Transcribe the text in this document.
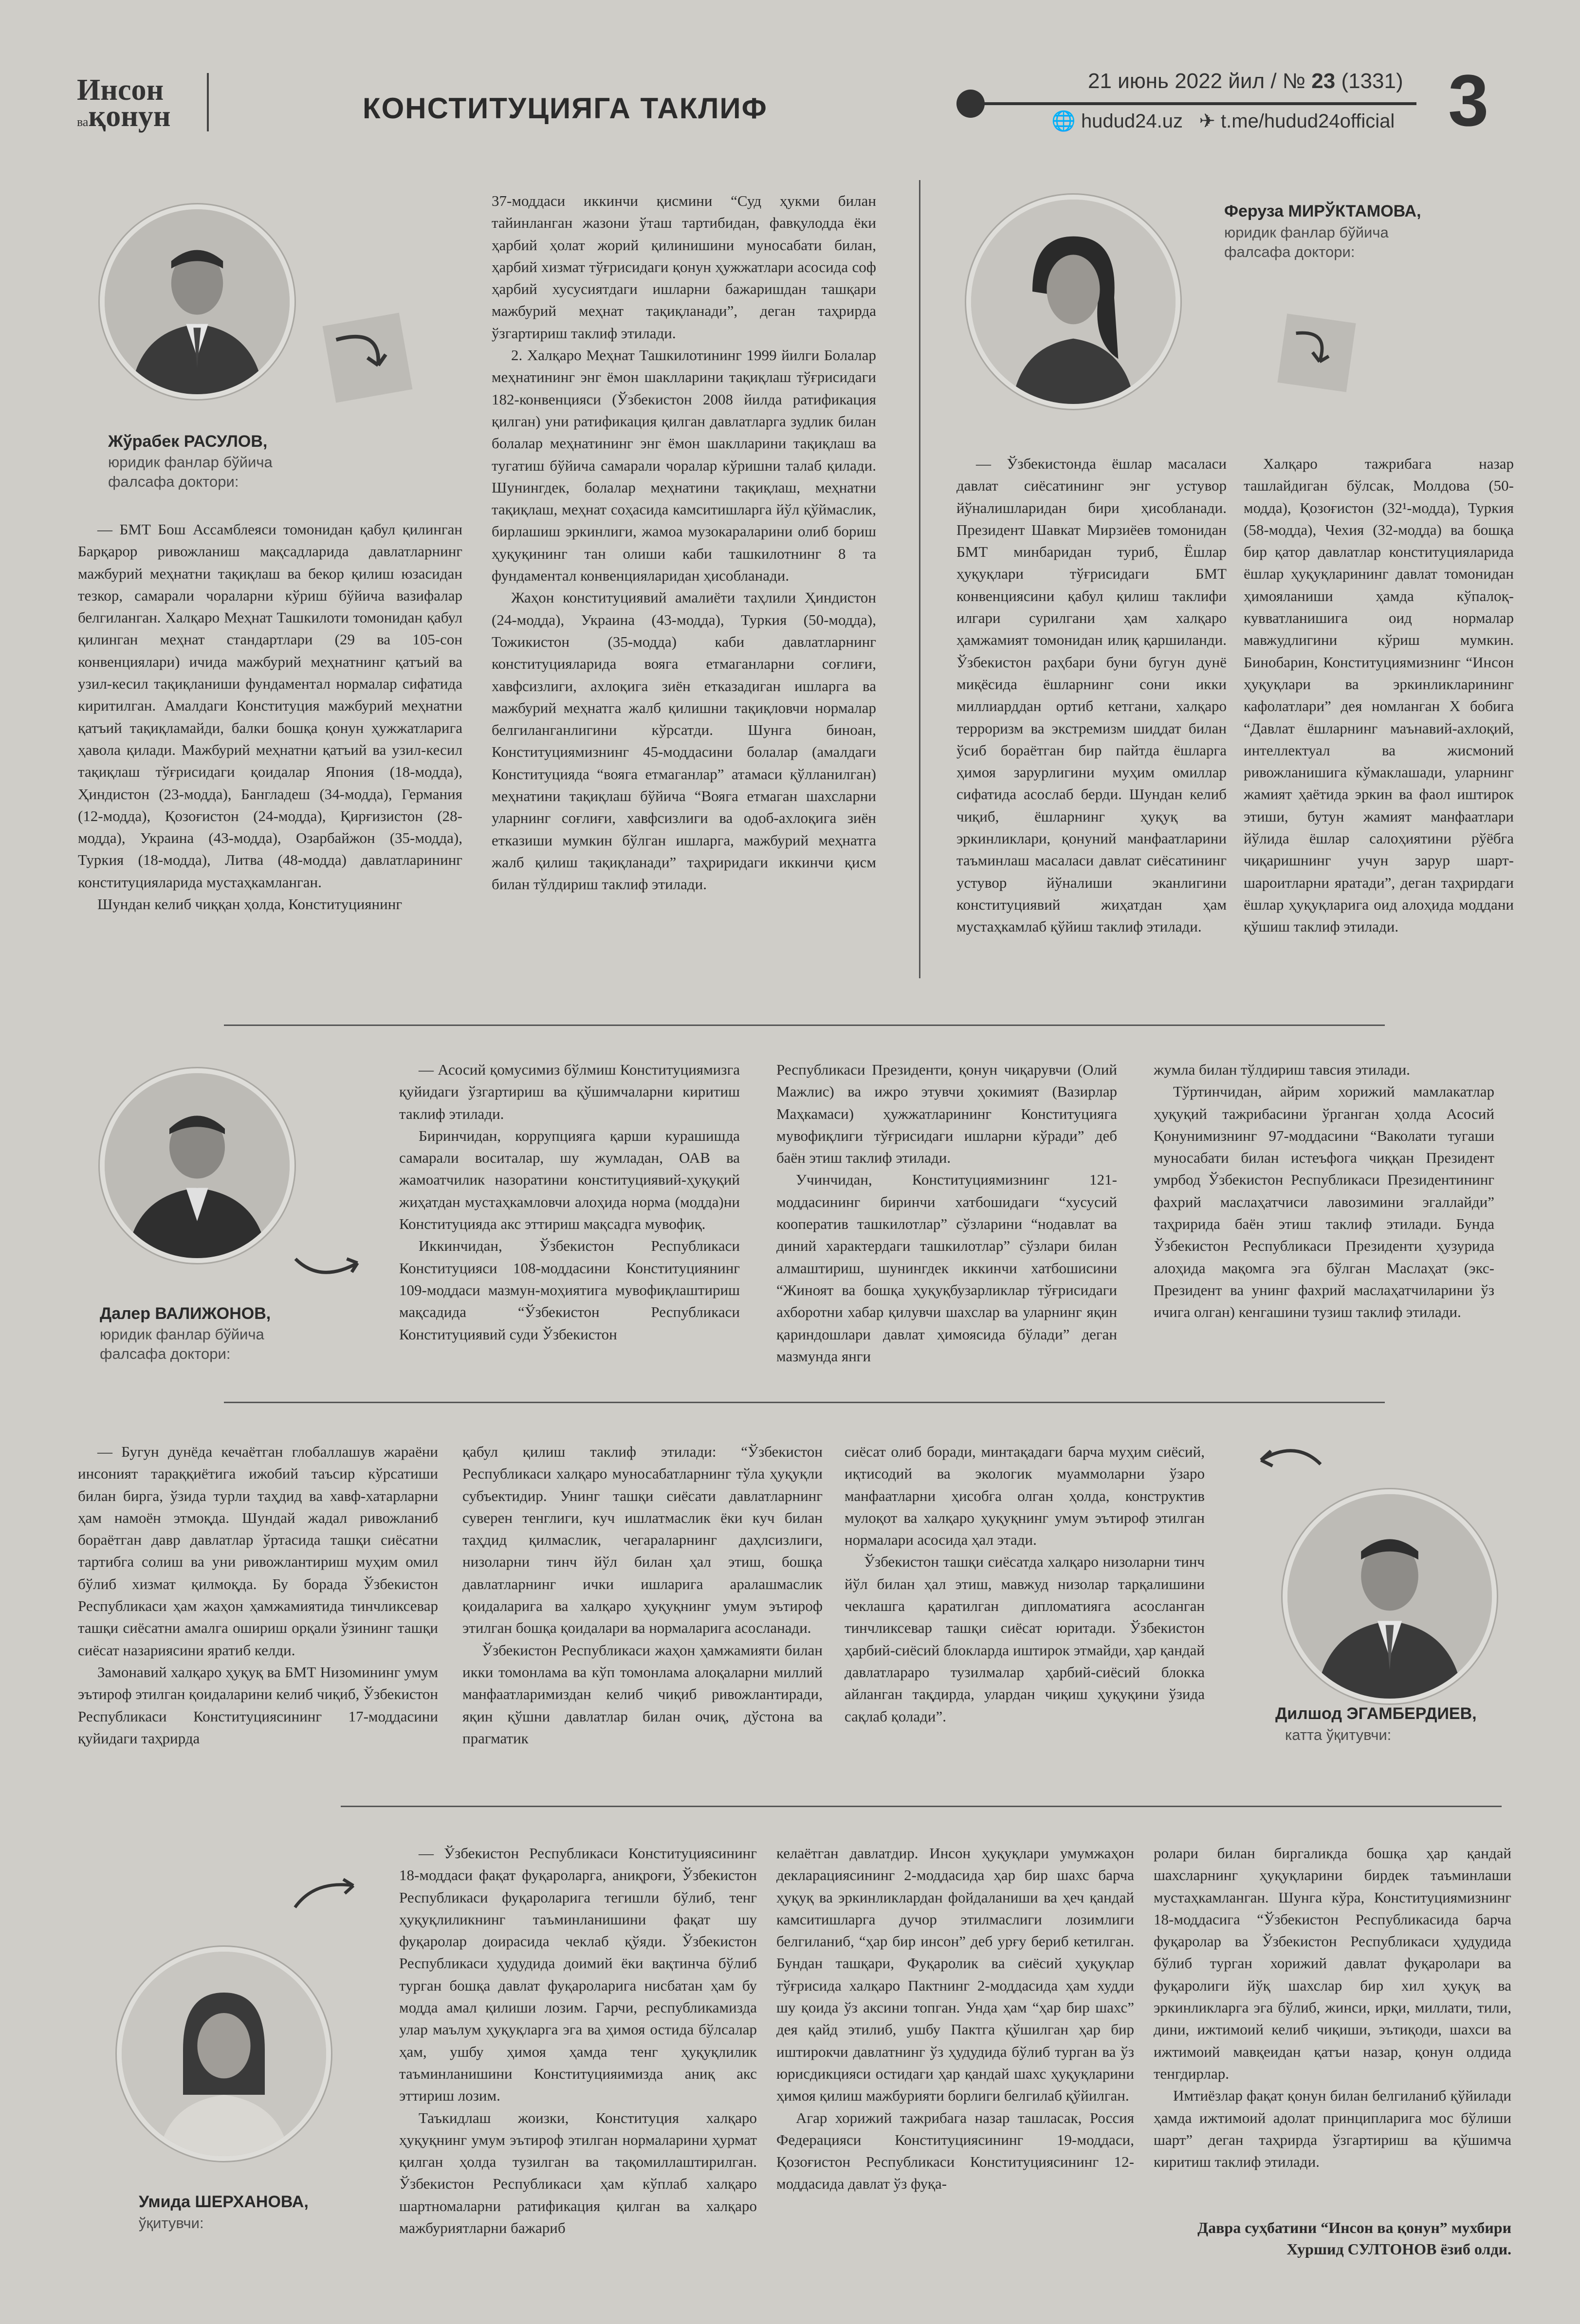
Инсон
вақонун	КОНСТИТУЦИЯГА ТАКЛИФ
21 июнь 2022 йил / № 23 (1331)
🌐 hudud24.uz ✈ t.me/hudud24official 3
Жўрабек РАСУЛОВ,
юридик фанлар бўйича фалсафа доктори:

— БМТ Бош Ассамблеяси томонидан қабул қилинган Барқарор ривожланиш мақсадларида давлатларнинг мажбурий меҳнатни тақиқлаш ва бекор қилиш юзасидан тезкор, самарали чораларни кўриш бўйича вазифалар белгиланган. Халқаро Меҳнат Ташкилоти томонидан қабул қилинган меҳнат стандартлари (29 ва 105-сон конвенциялари) ичида мажбурий меҳнатнинг қатъий ва узил-кесил тақиқланиши фундаментал нормалар сифатида киритилган. Амалдаги Конституция мажбурий меҳнатни қатъий тақиқламайди, балки бошқа қонун ҳужжатларига ҳавола қилади. Мажбурий меҳнатни қатъий ва узил-кесил тақиқлаш тўғрисидаги қоидалар Япония (18-модда), Ҳиндистон (23-модда), Бангладеш (34-модда), Германия (12-модда), Қозоғистон (24-модда), Қирғизистон (28-модда), Украина (43-модда), Озарбайжон (35-модда), Туркия (18-модда), Литва (48-модда) давлатларининг конституцияларида мустаҳкамланган.

Шундан келиб чиққан ҳолда, Конституциянинг

37-моддаси иккинчи қисмини “Суд ҳукми билан тайинланган жазони ўташ тартибидан, фавқулодда ёки ҳарбий ҳолат жорий қилинишини муносабати билан, ҳарбий хизмат тўғрисидаги қонун ҳужжатлари асосида соф ҳарбий хусусиятдаги ишларни бажаришдан ташқари мажбурий меҳнат тақиқланади”, деган таҳрирда ўзгартириш таклиф этилади.

2. Халқаро Меҳнат Ташкилотининг 1999 йилги Болалар меҳнатининг энг ёмон шаклларини тақиқлаш тўғрисидаги 182-конвенцияси (Ўзбекистон 2008 йилда ратификация қилган) уни ратификация қилган давлатларга зудлик билан болалар меҳнатининг энг ёмон шаклларини тақиқлаш ва тугатиш бўйича самарали чоралар кўришни талаб қилади. Шунингдек, болалар меҳнатини тақиқлаш, меҳнатни тақиқлаш, меҳнат соҳасида камситишларга йўл қўймаслик, бирлашиш эркинлиги, жамоа музокараларини олиб бориш ҳуқуқининг тан олиши каби ташкилотнинг 8 та фундаментал конвенцияларидан ҳисобланади.

Жаҳон конституциявий амалиёти таҳлили Ҳиндистон (24-модда), Украина (43-модда), Туркия (50-модда), Тожикистон (35-модда) каби давлатларнинг конституцияларида вояга етмаганларни соғлиғи, хавфсизлиги, ахлоқига зиён етказадиган ишларга ва мажбурий меҳнатга жалб қилишни тақиқловчи нормалар белгиланганлигини кўрсатди. Шунга биноан, Конституциямизнинг 45-моддасини болалар (амалдаги Конституцияда “вояга етмаганлар” атамаси қўлланилган) меҳнатини тақиқлаш бўйича “Вояга етмаган шахсларни уларнинг соғлиғи, хавфсизлиги ва одоб-ахлоқига зиён етказиши мумкин бўлган ишларга, мажбурий меҳнатга жалб қилиш тақиқланади” таҳриридаги иккинчи қисм билан тўлдириш таклиф этилади.

Феруза МИРЎКТАМОВА,
юридик фанлар бўйича фалсафа доктори:

— Ўзбекистонда ёшлар масаласи давлат сиёсатининг энг устувор йўналишларидан бири ҳисобланади. Президент Шавкат Мирзиёев томонидан БМТ минбаридан туриб, Ёшлар ҳуқуқлари тўғрисидаги БМТ конвенциясини қабул қилиш таклифи илгари сурилгани ҳам халқаро ҳамжамият томонидан илиқ қаршиланди. Ўзбекистон раҳбари буни бугун дунё миқёсида ёшларнинг сони икки миллиарддан ортиб кетгани, халқаро терроризм ва экстремизм шиддат билан ўсиб бораётган бир пайтда ёшларга ҳимоя зарурлигини муҳим омиллар сифатида асослаб берди. Шундан келиб чиқиб, ёшларнинг ҳуқуқ ва эркинликлари, қонуний манфаатларини таъминлаш масаласи давлат сиёсатининг устувор йўналиши эканлигини конституциявий жиҳатдан ҳам мустаҳкамлаб қўйиш таклиф этилади.

Халқаро тажрибага назар ташлайдиган бўлсак, Молдова (50-модда), Қозоғистон (32¹-модда), Туркия (58-модда), Чехия (32-модда) ва бошқа бир қатор давлатлар конституцияларида ёшлар ҳуқуқларининг давлат томонидан ҳимояланиши ҳамда кўпалоқ-кувватланишига оид нормалар мавжудлигини кўриш мумкин. Бинобарин, Конституциямизнинг “Инсон ҳуқуқлари ва эркинликларининг кафолатлари” дея номланган Х бобига “Давлат ёшларнинг маънавий-ахлоқий, интеллектуал ва жисмоний ривожланишига кўмаклашади, уларнинг жамият ҳаётида эркин ва фаол иштирок этиши, бутун жамият манфаатлари йўлида ёшлар салоҳиятини рўёбга чиқаришнинг учун зарур шарт-шароитларни яратади”, деган таҳрирдаги ёшлар ҳуқуқларига оид алоҳида моддани қўшиш таклиф этилади.

Далер ВАЛИЖОНОВ,
юридик фанлар бўйича фалсафа доктори:

— Асосий қомусимиз бўлмиш Конституциямизга қуйидаги ўзгартириш ва қўшимчаларни киритиш таклиф этилади.

Биринчидан, коррупцияга қарши курашишда самарали воситалар, шу жумладан, ОАВ ва жамоатчилик назоратини конституциявий-ҳуқуқий жиҳатдан мустаҳкамловчи алоҳида норма (модда)ни Конституцияда акс эттириш мақсадга мувофиқ.

Иккинчидан, Ўзбекистон Республикаси Конституцияси 108-моддасини Конституциянинг 109-моддаси мазмун-моҳиятига мувофиқлаштириш мақсадида “Ўзбекистон Республикаси Конституциявий суди Ўзбекистон

Республикаси Президенти, қонун чиқарувчи (Олий Мажлис) ва ижро этувчи ҳокимият (Вазирлар Маҳкамаси) ҳужжатларининг Конституцияга мувофиқлиги тўғрисидаги ишларни кўради” деб баён этиш таклиф этилади.

Учинчидан, Конституциямизнинг 121-моддасининг биринчи хатбошидаги “хусусий кооператив ташкилотлар” сўзларини “нодавлат ва диний характердаги ташкилотлар” сўзлари билан алмаштириш, шунингдек иккинчи хатбошисини “Жиноят ва бошқа ҳуқуқбузарликлар тўғрисидаги ахборотни хабар қилувчи шахслар ва уларнинг яқин қариндошлари давлат ҳимоясида бўлади” деган мазмунда янги

жумла билан тўлдириш тавсия этилади.

Тўртинчидан, айрим хорижий мамлакатлар ҳуқуқий тажрибасини ўрганган ҳолда Асосий Қонунимизнинг 97-моддасини “Ваколати тугаши муносабати билан истеъфога чиққан Президент умрбод Ўзбекистон Республикаси Президентининг фахрий маслаҳатчиси лавозимини эгаллайди” таҳририда баён этиш таклиф этилади. Бунда Ўзбекистон Республикаси Президенти ҳузурида алоҳида мақомга эга бўлган Маслаҳат (экс-Президент ва унинг фахрий маслаҳатчиларини ўз ичига олган) кенгашини тузиш таклиф этилади.

— Бугун дунёда кечаётган глобаллашув жараёни инсоният тараққиётига ижобий таъсир кўрсатиши билан бирга, ўзида турли таҳдид ва хавф-хатарларни ҳам намоён этмоқда. Шундай жадал ривожланиб бораётган давр давлатлар ўртасида ташқи сиёсатни тартибга солиш ва уни ривожлантириш муҳим омил бўлиб хизмат қилмоқда. Бу борада Ўзбекистон Республикаси ҳам жаҳон ҳамжамиятида тинчликсевар ташқи сиёсатни амалга ошириш орқали ўзининг ташқи сиёсат назариясини яратиб келди.

Замонавий халқаро ҳуқуқ ва БМТ Низомининг умум эътироф этилган қоидаларини келиб чиқиб, Ўзбекистон Республикаси Конституциясининг 17-моддасини қуйидаги таҳрирда

қабул қилиш таклиф этилади: “Ўзбекистон Республикаси халқаро муносабатларнинг тўла ҳуқуқли субъектидир. Унинг ташқи сиёсати давлатларнинг суверен тенглиги, куч ишлатмаслик ёки куч билан таҳдид қилмаслик, чегараларнинг даҳлсизлиги, низоларни тинч йўл билан ҳал этиш, бошқа давлатларнинг ички ишларига аралашмаслик қоидаларига ва халқаро ҳуқуқнинг умум эътироф этилган бошқа қоидалари ва нормаларига асосланади.

Ўзбекистон Республикаси жаҳон ҳамжамияти билан икки томонлама ва кўп томонлама алоқаларни миллий манфаатларимиздан келиб чиқиб ривожлантиради, яқин қўшни давлатлар билан очиқ, дўстона ва прагматик

сиёсат олиб боради, минтақадаги барча муҳим сиёсий, иқтисодий ва экологик муаммоларни ўзаро манфаатларни ҳисобга олган ҳолда, конструктив мулоқот ва халқаро ҳуқуқнинг умум эътироф этилган нормалари асосида ҳал этади.

Ўзбекистон ташқи сиёсатда халқаро низоларни тинч йўл билан ҳал этиш, мавжуд низолар тарқалишини чеклашга қаратилган дипломатияга асосланган тинчликсевар ташқи сиёсат юритади. Ўзбекистон ҳарбий-сиёсий блокларда иштирок этмайди, ҳар қандай давлатлараро тузилмалар ҳарбий-сиёсий блокка айланган тақдирда, улардан чиқиш ҳуқуқини ўзида сақлаб қолади”.	Дилшод ЭГАМБЕРДИЕВ,
катта ўқитувчи:
Умида ШЕРХАНОВА,
ўқитувчи:

— Ўзбекистон Республикаси Конституциясининг 18-моддаси фақат фуқароларга, аниқроғи, Ўзбекистон Республикаси фуқароларига тегишли бўлиб, тенг ҳуқуқлиликнинг таъминланишини фақат шу фуқаролар доирасида чеклаб қўяди. Ўзбекистон Республикаси ҳудудида доимий ёки вақтинча бўлиб турган бошқа давлат фуқароларига нисбатан ҳам бу модда амал қилиши лозим. Гарчи, республикамизда улар маълум ҳуқуқларга эга ва ҳимоя остида бўлсалар ҳам, ушбу ҳимоя ҳамда тенг ҳуқуқлилик таъминланишини Конституцияимизда аниқ акс эттириш лозим.

Таъкидлаш жоизки, Конституция халқаро ҳуқуқнинг умум эътироф этилган нормаларини ҳурмат қилган ҳолда тузилган ва тақомиллаштирилган. Ўзбекистон Республикаси ҳам кўплаб халқаро шартномаларни ратификация қилган ва халқаро мажбуриятларни бажариб

келаётган давлатдир. Инсон ҳуқуқлари умумжаҳон декларациясининг 2-моддасида ҳар бир шахс барча ҳуқуқ ва эркинликлардан фойдаланиши ва ҳеч қандай камситишларга дучор этилмаслиги лозимлиги белгиланиб, “ҳар бир инсон” деб урғу бериб кетилган. Бундан ташқари, Фуқаролик ва сиёсий ҳуқуқлар тўғрисида халқаро Пактнинг 2-моддасида ҳам худди шу қоида ўз аксини топган. Унда ҳам “ҳар бир шахс” дея қайд этилиб, ушбу Пактга қўшилган ҳар бир иштирокчи давлатнинг ўз ҳудудида бўлиб турган ва ўз юрисдикцияси остидаги ҳар қандай шахс ҳуқуқларини ҳимоя қилиш мажбурияти борлиги белгилаб қўйилган.

Агар хорижий тажрибага назар ташласак, Россия Федерацияси Конституциясининг 19-моддаси, Қозоғистон Республикаси Конституциясининг 12-моддасида давлат ўз фуқа-

ролари билан биргаликда бошқа ҳар қандай шахсларнинг ҳуқуқларини бирдек таъминлаши мустаҳкамланган. Шунга кўра, Конституциямизнинг 18-моддасига “Ўзбекистон Республикасида барча фуқаролар ва Ўзбекистон Республикаси ҳудудида бўлиб турган хорижий давлат фуқаролари ва фуқаролиги йўқ шахслар бир хил ҳуқуқ ва эркинликларга эга бўлиб, жинси, ирқи, миллати, тили, дини, ижтимоий келиб чиқиши, эътиқоди, шахси ва ижтимоий мавқеидан қатъи назар, қонун олдида тенгдирлар.

Имтиёзлар фақат қонун билан белгиланиб қўйилади ҳамда ижтимоий адолат принципларига мос бўлиши шарт” деган таҳрирда ўзгартириш ва қўшимча киритиш таклиф этилади.

Давра суҳбатини “Инсон ва қонун” мухбири Хуршид СУЛТОНОВ ёзиб олди.
